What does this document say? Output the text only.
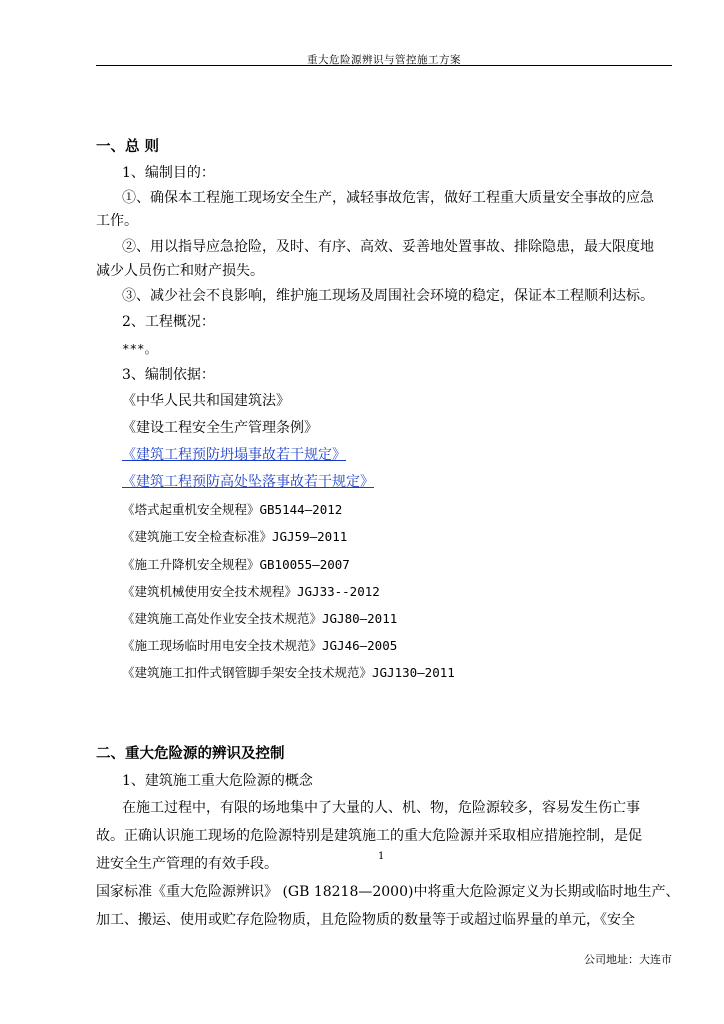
重大危险源辨识与管控施工方案
一、总 则
1、编制目的：
①、确保本工程施工现场安全生产，减轻事故危害，做好工程重大质量安全事故的应急
工作。
②、用以指导应急抢险，及时、有序、高效、妥善地处置事故、排除隐患，最大限度地
减少人员伤亡和财产损失。
③、减少社会不良影响，维护施工现场及周围社会环境的稳定，保证本工程顺利达标。
2、工程概况：
***。
3、编制依据：
《中华人民共和国建筑法》
《建设工程安全生产管理条例》
《建筑工程预防坍塌事故若干规定》
《建筑工程预防高处坠落事故若干规定》
《塔式起重机安全规程》GB5144—2012
《建筑施工安全检查标准》JGJ59—2011
《施工升降机安全规程》GB10055—2007
《建筑机械使用安全技术规程》JGJ33--2012
《建筑施工高处作业安全技术规范》JGJ80—2011
《施工现场临时用电安全技术规范》JGJ46—2005
《建筑施工扣件式钢管脚手架安全技术规范》JGJ130—2011
二、重大危险源的辨识及控制
1、建筑施工重大危险源的概念
在施工过程中，有限的场地集中了大量的人、机、物，危险源较多，容易发生伤亡事
故。正确认识施工现场的危险源特别是建筑施工的重大危险源并采取相应措施控制，是促
进安全生产管理的有效手段。
国家标准《重大危险源辨识》 (GB 18218—2000)中将重大危险源定义为长期或临时地生产、
加工、搬运、使用或贮存危险物质，且危险物质的数量等于或超过临界量的单元，《安全
1
公司地址：大连市
